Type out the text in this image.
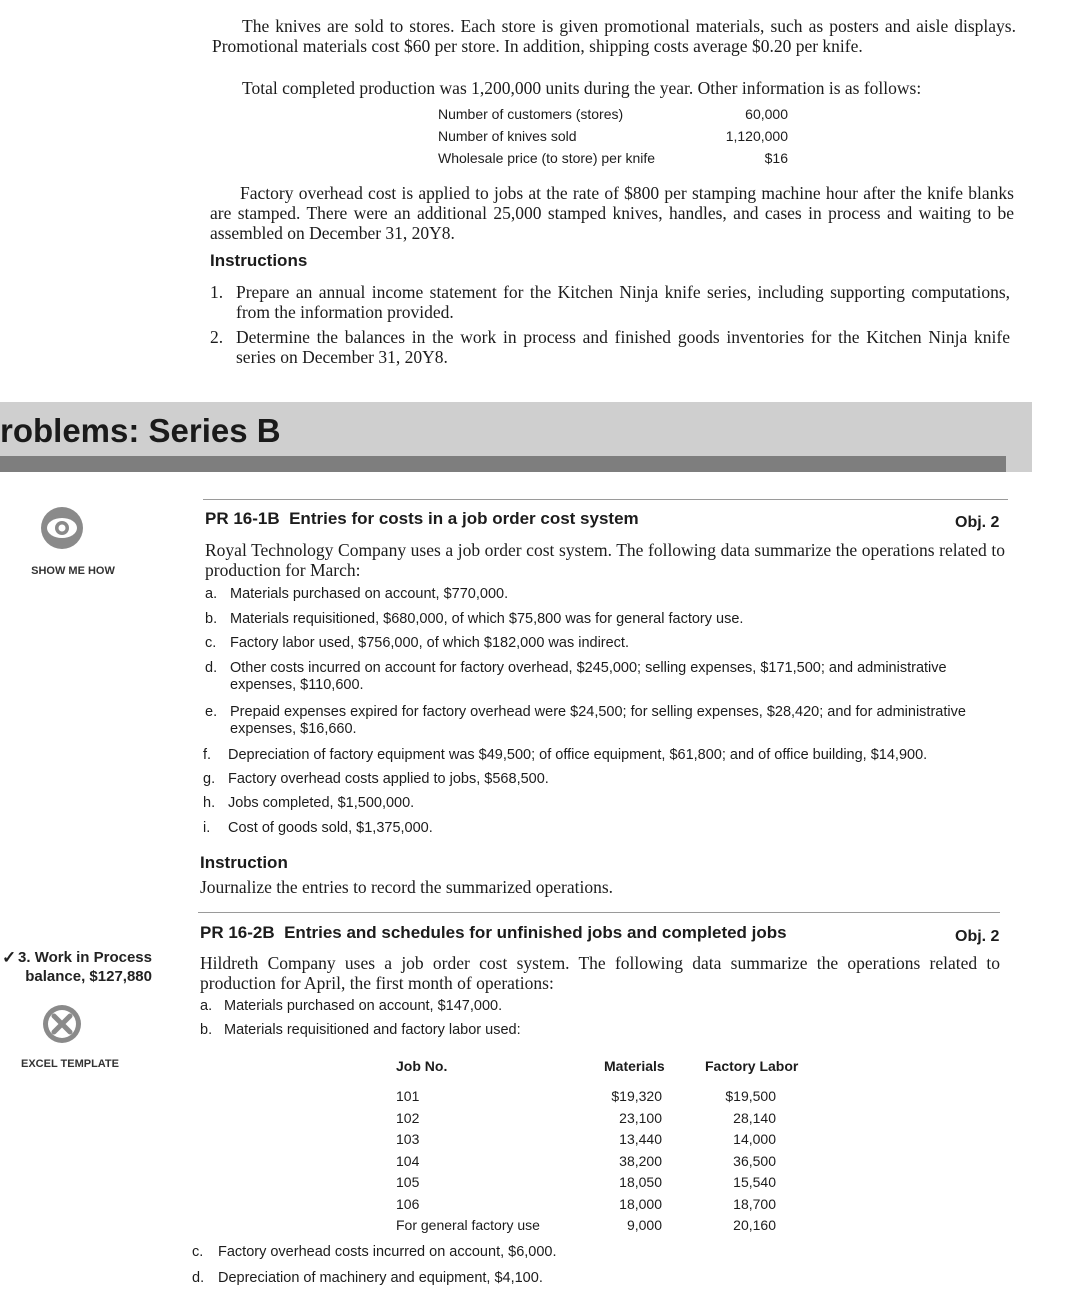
The knives are sold to stores. Each store is given promotional materials, such as posters and aisle displays. Promotional materials cost $60 per store. In addition, shipping costs average $0.20 per knife.
Total completed production was 1,200,000 units during the year. Other information is as follows:
Number of customers (stores)	60,000
Number of knives sold	1,120,000
Wholesale price (to store) per knife	$16
Factory overhead cost is applied to jobs at the rate of $800 per stamping machine hour after the knife blanks are stamped. There were an additional 25,000 stamped knives, handles, and cases in process and waiting to be assembled on December 31, 20Y8.
Instructions
1. Prepare an annual income statement for the Kitchen Ninja knife series, including supporting computations, from the information provided.
2. Determine the balances in the work in process and finished goods inventories for the Kitchen Ninja knife series on December 31, 20Y8.
roblems: Series B
SHOW ME HOW
✓ 3. Work in Process balance, $127,880
EXCEL TEMPLATE
PR 16-1B Entries for costs in a job order cost system	Obj. 2
Royal Technology Company uses a job order cost system. The following data summarize the operations related to production for March:
a. Materials purchased on account, $770,000.
b. Materials requisitioned, $680,000, of which $75,800 was for general factory use.
c. Factory labor used, $756,000, of which $182,000 was indirect.
d. Other costs incurred on account for factory overhead, $245,000; selling expenses, $171,500; and administrative expenses, $110,600.
e. Prepaid expenses expired for factory overhead were $24,500; for selling expenses, $28,420; and for administrative expenses, $16,660.
f. Depreciation of factory equipment was $49,500; of office equipment, $61,800; and of office building, $14,900.
g. Factory overhead costs applied to jobs, $568,500.
h. Jobs completed, $1,500,000.
i. Cost of goods sold, $1,375,000.
Instruction
Journalize the entries to record the summarized operations.
PR 16-2B Entries and schedules for unfinished jobs and completed jobs	Obj. 2
Hildreth Company uses a job order cost system. The following data summarize the operations related to production for April, the first month of operations:
a. Materials purchased on account, $147,000.
b. Materials requisitioned and factory labor used:
Job No.	Materials	Factory Labor
101	$19,320	$19,500
102	23,100	28,140
103	13,440	14,000
104	38,200	36,500
105	18,050	15,540
106	18,000	18,700
For general factory use	9,000	20,160
c. Factory overhead costs incurred on account, $6,000.
d. Depreciation of machinery and equipment, $4,100.
